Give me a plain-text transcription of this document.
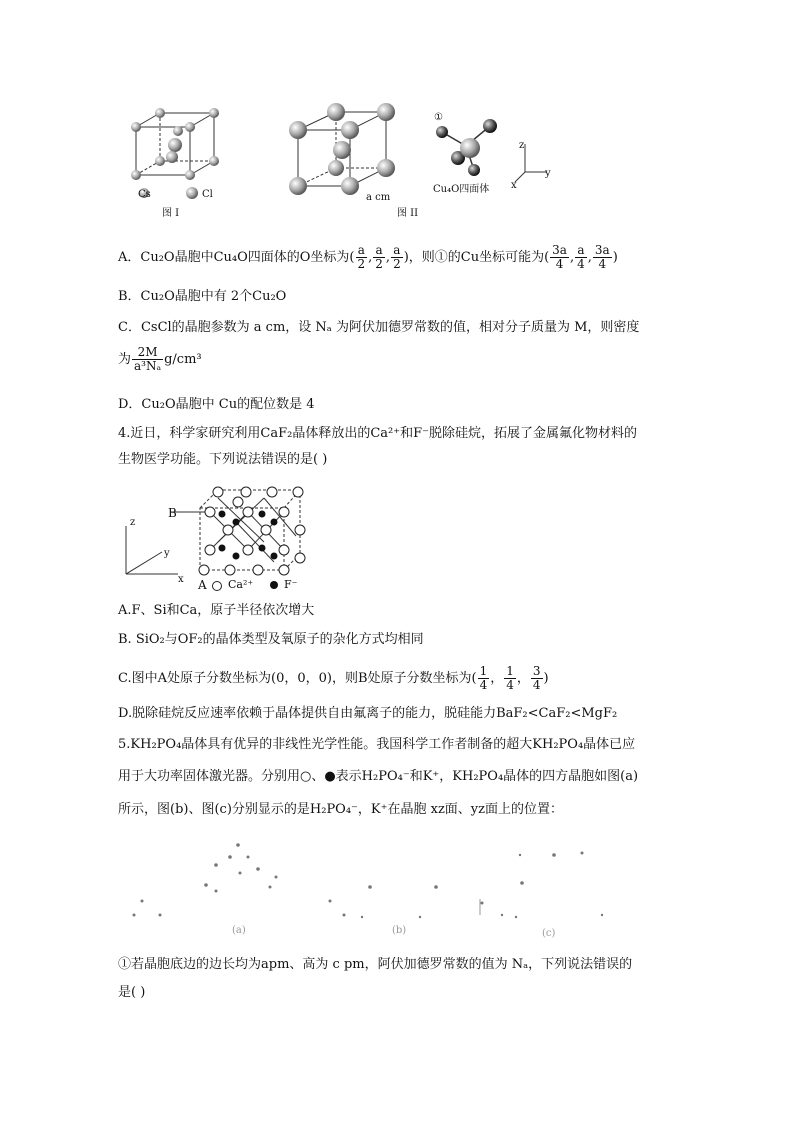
Cs	Cl
图 I
a cm
图 II
①
Cu₄O四面体
z
y
x
A．Cu₂O晶胞中Cu₄O四面体的O坐标为( $\frac{a}{2}$ , $\frac{a}{2}$ , $\frac{a}{2}$ )，则①的Cu坐标可能为( $\frac{3a}{4}$ , $\frac{a}{4}$ , $\frac{3a}{4}$ )
B．Cu₂O晶胞中有 2个Cu₂O
C．CsCl的晶胞参数为 a cm，设 Nₐ 为阿伏加德罗常数的值，相对分子质量为 M，则密度
为 $\frac{2M}{\text{a³Nₐ}} g/cm^3$
D．Cu₂O晶胞中 Cu的配位数是 4
4.近日，科学家研究利用CaF₂晶体释放出的Ca²⁺和F⁻脱除硅烷，拓展了金属氟化物材料的
生物医学功能。下列说法错误的是( )
B
z
y
x A Ca²⁺	F⁻
A.F、Si和Ca，原子半径依次增大
B. SiO₂与OF₂的晶体类型及氧原子的杂化方式均相同
C.图中A处原子分数坐标为(0，0，0)，则B处原子分数坐标为( $\frac{1}{4}$ ， $\frac{1}{4}$ ， $\frac{3}{4}$ )
D.脱除硅烷反应速率依赖于晶体提供自由氟离子的能力，脱硅能力BaF₂<CaF₂<MgF₂
5.KH₂PO₄晶体具有优异的非线性光学性能。我国科学工作者制备的超大KH₂PO₄晶体已应
用于大功率固体激光器。分别用○、●表示H₂PO₄⁻和K⁺，KH₂PO₄晶体的四方晶胞如图(a)
所示，图(b)、图(c)分别显示的是H₂PO₄⁻，K⁺在晶胞 xz面、yz面上的位置：
(a)	(b)	(c)
①若晶胞底边的边长均为apm、高为 c pm，阿伏加德罗常数的值为 Nₐ，下列说法错误的
是( )
